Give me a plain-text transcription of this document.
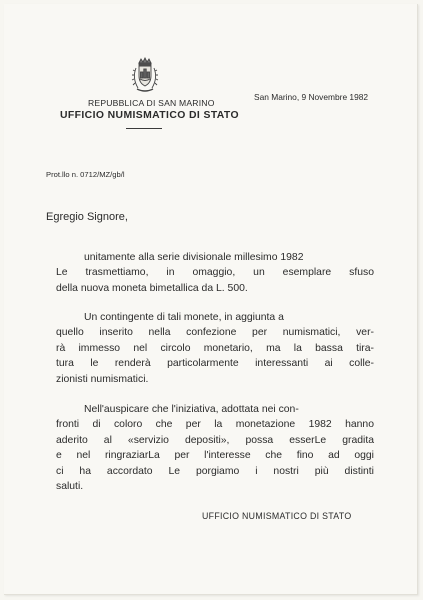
REPUBBLICA DI SAN MARINO
UFFICIO NUMISMATICO DI STATO
San Marino, 9 Novembre 1982
Prot.llo n. 0712/MZ/gb/l
Egregio Signore,
unitamente alla serie divisionale millesimo 1982
Le trasmettiamo, in omaggio, un esemplare sfuso
della nuova moneta bimetallica da L. 500.
Un contingente di tali monete, in aggiunta a
quello inserito nella confezione per numismatici, ver-
rà immesso nel circolo monetario, ma la bassa tira-
tura le renderà particolarmente interessanti ai colle-
zionisti numismatici.
Nell'auspicare che l'iniziativa, adottata nei con-
fronti di coloro che per la monetazione 1982 hanno
aderito al «servizio depositi», possa esserLe gradita
e nel ringraziarLa per l'interesse che fino ad oggi
ci ha accordato Le porgiamo i nostri più distinti
saluti.
UFFICIO NUMISMATICO DI STATO
